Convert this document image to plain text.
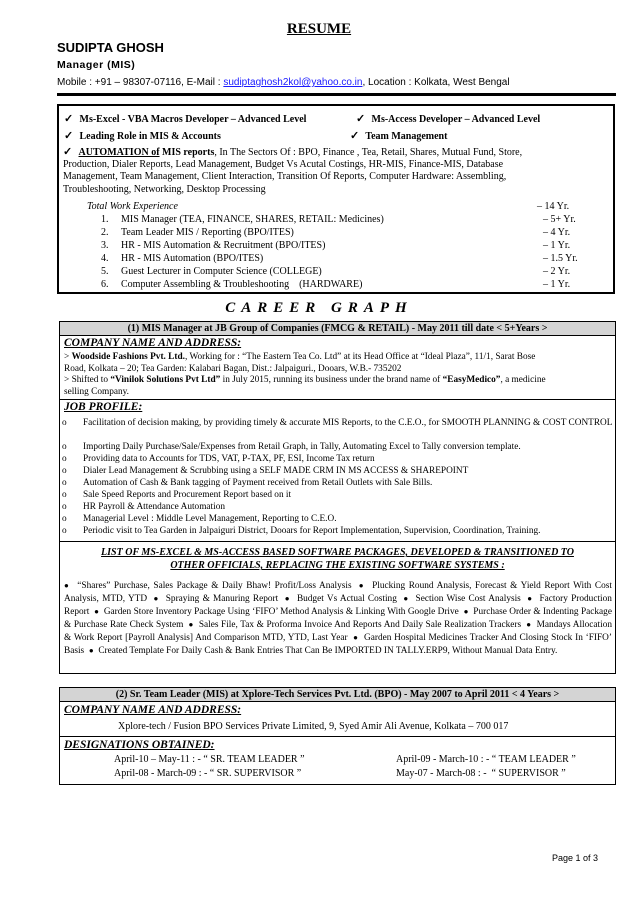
RESUME
SUDIPTA GHOSH
Manager (MIS)
Mobile : +91 – 98307-07116, E-Mail : sudiptaghosh2kol@yahoo.co.in, Location : Kolkata, West Bengal
✓ Ms-Excel - VBA Macros Developer – Advanced Level	✓ Ms-Access Developer – Advanced Level
✓ Leading Role in MIS & Accounts	✓ Team Management
✓ AUTOMATION of MIS reports, In The Sectors Of : BPO, Finance , Tea, Retail, Shares, Mutual Fund, Store,
Production, Dialer Reports, Lead Management, Budget Vs Acutal Costings, HR-MIS, Finance-MIS, Database
Management, Team Management, Client Interaction, Transition Of Reports, Computer Hardware: Assembling,
Troubleshooting, Networking, Desktop Processing
Total Work Experience	– 14 Yr.
1. MIS Manager (TEA, FINANCE, SHARES, RETAIL: Medicines)	– 5+ Yr.
2. Team Leader MIS / Reporting (BPO/ITES)	– 4 Yr.
3. HR - MIS Automation & Recruitment (BPO/ITES)	– 1 Yr.
4. HR - MIS Automation (BPO/ITES)	– 1.5 Yr.
5. Guest Lecturer in Computer Science (COLLEGE)	– 2 Yr.
6. Computer Assembling & Troubleshooting    (HARDWARE)	– 1 Yr.
CAREER GRAPH
(1) MIS Manager at JB Group of Companies (FMCG & RETAIL) - May 2011 till date < 5+Years >
COMPANY NAME AND ADDRESS:
> Woodside Fashions Pvt. Ltd., Working for : “The Eastern Tea Co. Ltd” at its Head Office at “Ideal Plaza”, 11/1, Sarat Bose
Road, Kolkata – 20; Tea Garden: Kalabari Bagan, Dist.: Jalpaiguri., Dooars, W.B.- 735202
> Shifted to “Vinilok Solutions Pvt Ltd” in July 2015, running its business under the brand name of “EasyMedico”, a medicine
selling Company.
JOB PROFILE:
o Facilitation of decision making, by providing timely & accurate MIS Reports, to the C.E.O., for SMOOTH PLANNING & COST CONTROL
o Importing Daily Purchase/Sale/Expenses from Retail Graph, in Tally, Automating Excel to Tally conversion template.
o Providing data to Accounts for TDS, VAT, P-TAX, PF, ESI, Income Tax return
o Dialer Lead Management & Scrubbing using a SELF MADE CRM IN MS ACCESS & SHAREPOINT
o Automation of Cash & Bank tagging of Payment received from Retail Outlets with Sale Bills.
o Sale Speed Reports and Procurement Report based on it
o HR Payroll & Attendance Automation
o Managerial Level : Middle Level Management, Reporting to C.E.O.
o Periodic visit to Tea Garden in Jalpaiguri District, Dooars for Report Implementation, Supervision, Coordination, Training.
LIST OF MS-EXCEL & MS-ACCESS BASED SOFTWARE PACKAGES, DEVELOPED & TRANSITIONED TO
OTHER OFFICIALS, REPLACING THE EXISTING SOFTWARE SYSTEMS :
● “Shares” Purchase, Sales Package & Daily Bhaw! Profit/Loss Analysis ● Plucking Round Analysis, Forecast & Yield Report With Cost Analysis, MTD, YTD ● Spraying & Manuring Report ● Budget Vs Actual Costing ● Section Wise Cost Analysis ● Factory Production Report ● Garden Store Inventory Package Using ‘FIFO’ Method Analysis & Linking With Google Drive ● Purchase Order & Indenting Package & Purchase Rate Check System ● Sales File, Tax & Proforma Invoice And Reports And Daily Sale Realization Trackers ● Mandays Allocation & Work Report [Payroll Analysis] And Comparison MTD, YTD, Last Year ● Garden Hospital Medicines Tracker And Closing Stock In ‘FIFO’ Basis ● Created Template For Daily Cash & Bank Entries That Can Be IMPORTED IN TALLY.ERP9, Without Manual Data Entry.
(2) Sr. Team Leader (MIS) at Xplore-Tech Services Pvt. Ltd. (BPO) - May 2007 to April 2011 < 4 Years >
COMPANY NAME AND ADDRESS:
Xplore-tech / Fusion BPO Services Private Limited, 9, Syed Amir Ali Avenue, Kolkata – 700 017
DESIGNATIONS OBTAINED:
April-10 – May-11 : - “ SR. TEAM LEADER ”	April-09 - March-10 : - “ TEAM LEADER ”
April-08 - March-09 : - “ SR. SUPERVISOR ”	May-07 - March-08 : -  “ SUPERVISOR ”
Page 1 of 3
